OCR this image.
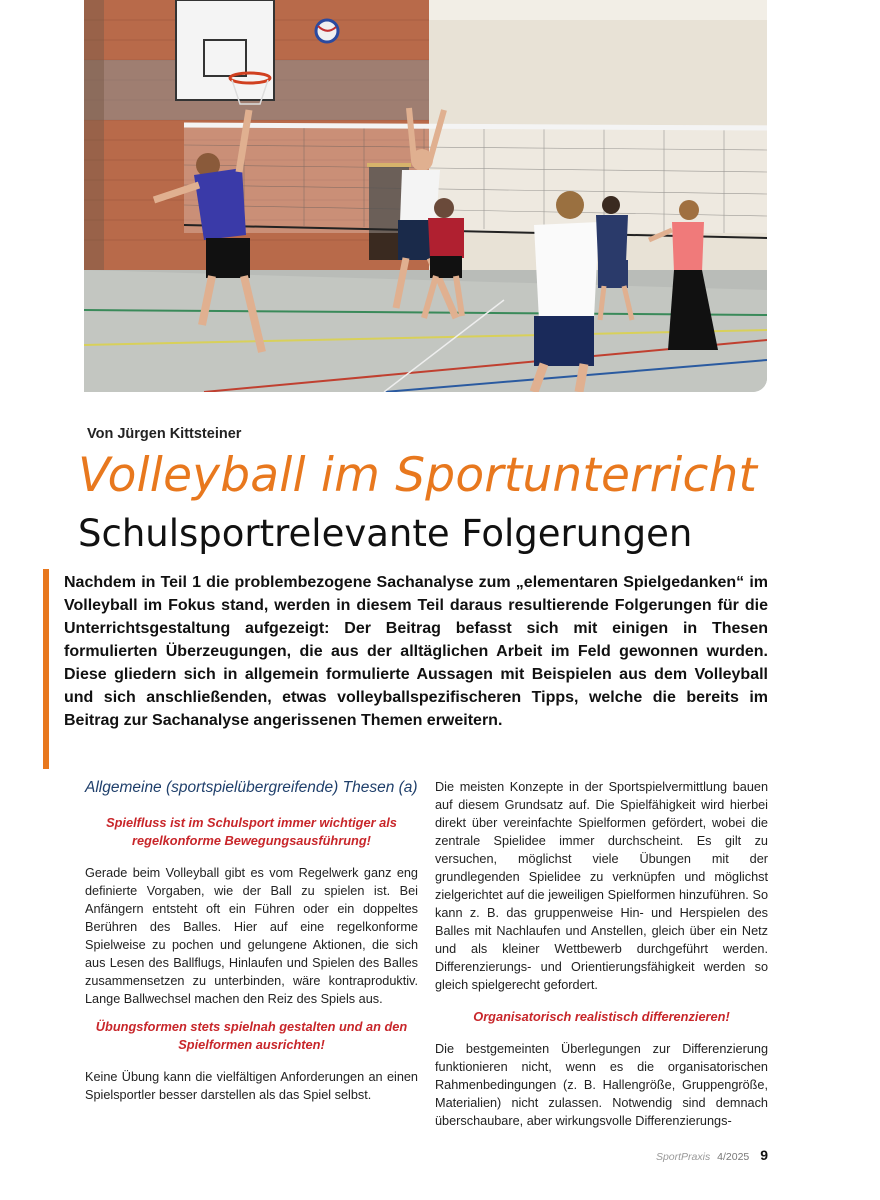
Von Jürgen Kittsteiner
Volleyball im Sportunterricht
Schulsportrelevante Folgerungen

Nachdem in Teil 1 die problembezogene Sachanalyse zum „elementaren Spielgedanken“ im Volleyball im Fokus stand, werden in diesem Teil daraus resultierende Folgerungen für die Unterrichtsgestaltung aufgezeigt: Der Beitrag befasst sich mit einigen in Thesen formulierten Überzeugungen, die aus der alltäglichen Arbeit im Feld gewonnen wurden. Diese gliedern sich in allgemein formulierte Aussagen mit Beispielen aus dem Volleyball und sich anschließenden, etwas volleyballspezifischeren Tipps, welche die bereits im Beitrag zur Sachanalyse angerissenen Themen erweitern.

Allgemeine (sportspielübergreifende) Thesen (a)
Spielfluss ist im Schulsport immer wichtiger als regelkonforme Bewegungsausführung!

Gerade beim Volleyball gibt es vom Regelwerk ganz eng definierte Vorgaben, wie der Ball zu spielen ist. Bei Anfängern entsteht oft ein Führen oder ein doppeltes Berühren des Balles. Hier auf eine regelkonforme Spielweise zu pochen und gelungene Aktionen, die sich aus Lesen des Ballflugs, Hinlaufen und Spielen des Balles zusammensetzen zu unterbinden, wäre kontraproduktiv. Lange Ballwechsel machen den Reiz des Spiels aus.

Übungsformen stets spielnah gestalten und an den Spielformen ausrichten!

Keine Übung kann die vielfältigen Anforderungen an einen Spielsportler besser darstellen als das Spiel selbst.

Die meisten Konzepte in der Sportspielvermittlung bauen auf diesem Grundsatz auf. Die Spielfähigkeit wird hierbei direkt über vereinfachte Spielformen gefördert, wobei die zentrale Spielidee immer durchscheint. Es gilt zu versuchen, möglichst viele Übungen mit der grundlegenden Spielidee zu verknüpfen und möglichst zielgerichtet auf die jeweiligen Spielformen hinzuführen. So kann z. B. das gruppenweise Hin- und Herspielen des Balles mit Nachlaufen und Anstellen, gleich über ein Netz und als kleiner Wettbewerb durchgeführt werden. Differenzierungs- und Orientierungsfähigkeit werden so gleich spielgerecht gefordert.

Organisatorisch realistisch differenzieren!

Die bestgemeinten Überlegungen zur Differenzierung funktionieren nicht, wenn es die organisatorischen Rahmenbedingungen (z. B. Hallengröße, Gruppengröße, Materialien) nicht zulassen. Notwendig sind demnach überschaubare, aber wirkungsvolle Differenzierungs-

SportPraxis 4/2025 9
